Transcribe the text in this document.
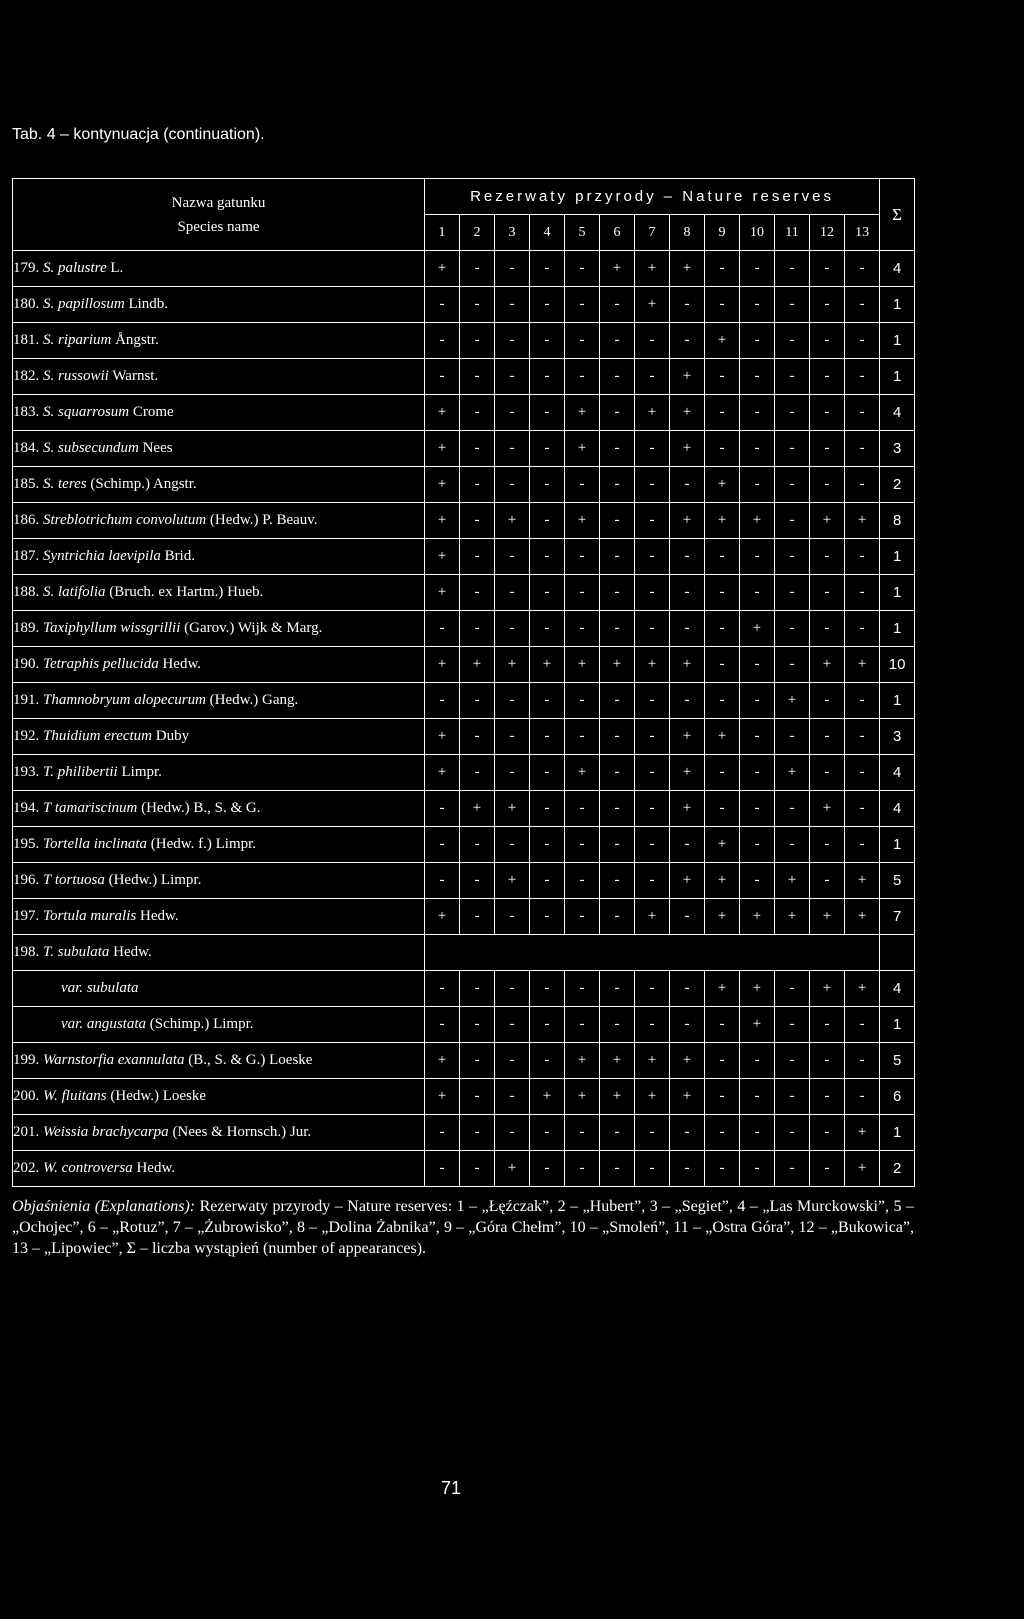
Tab. 4 – kontynuacja (continuation).
Nazwa gatunku
Species name	Rezerwaty przyrody – Nature reserves													Σ
	1	2	3	4	5	6	7	8	9	10	11	12	13	
179. S. palustre L.	+	-	-	-	-	+	+	+	-	-	-	-	-	4
180. S. papillosum Lindb.	-	-	-	-	-	-	+	-	-	-	-	-	-	1
181. S. riparium Ångstr.	-	-	-	-	-	-	-	-	+	-	-	-	-	1
182. S. russowii Warnst.	-	-	-	-	-	-	-	+	-	-	-	-	-	1
183. S. squarrosum Crome	+	-	-	-	+	-	+	+	-	-	-	-	-	4
184. S. subsecundum Nees	+	-	-	-	+	-	-	+	-	-	-	-	-	3
185. S. teres (Schimp.) Angstr.	+	-	-	-	-	-	-	-	+	-	-	-	-	2
186. Streblotrichum convolutum (Hedw.) P. Beauv.	+	-	+	-	+	-	-	+	+	+	-	+	+	8
187. Syntrichia laevipila Brid.	+	-	-	-	-	-	-	-	-	-	-	-	-	1
188. S. latifolia (Bruch. ex Hartm.) Hueb.	+	-	-	-	-	-	-	-	-	-	-	-	-	1
189. Taxiphyllum wissgrillii (Garov.) Wijk & Marg.	-	-	-	-	-	-	-	-	-	+	-	-	-	1
190. Tetraphis pellucida Hedw.	+	+	+	+	+	+	+	+	-	-	-	+	+	10
191. Thamnobryum alopecurum (Hedw.) Gang.	-	-	-	-	-	-	-	-	-	-	+	-	-	1
192. Thuidium erectum Duby	+	-	-	-	-	-	-	+	+	-	-	-	-	3
193. T. philibertii Limpr.	+	-	-	-	+	-	-	+	-	-	+	-	-	4
194. T tamariscinum (Hedw.) B., S. & G.	-	+	+	-	-	-	-	+	-	-	-	+	-	4
195. Tortella inclinata (Hedw. f.) Limpr.	-	-	-	-	-	-	-	-	+	-	-	-	-	1
196. T tortuosa (Hedw.) Limpr.	-	-	+	-	-	-	-	+	+	-	+	-	+	5
197. Tortula muralis Hedw.	+	-	-	-	-	-	+	-	+	+	+	+	+	7
198. T. subulata Hedw.														
var. subulata	-	-	-	-	-	-	-	-	+	+	-	+	+	4
var. angustata (Schimp.) Limpr.	-	-	-	-	-	-	-	-	-	+	-	-	-	1
199. Warnstorfia exannulata (B., S. & G.) Loeske	+	-	-	-	+	+	+	+	-	-	-	-	-	5
200. W. fluitans (Hedw.) Loeske	+	-	-	+	+	+	+	+	-	-	-	-	-	6
201. Weissia brachycarpa (Nees & Hornsch.) Jur.	-	-	-	-	-	-	-	-	-	-	-	-	+	1
202. W. controversa Hedw.	-	-	+	-	-	-	-	-	-	-	-	-	+	2
Objaśnienia (Explanations): Rezerwaty przyrody – Nature reserves: 1 – „Łęźczak”, 2 – „Hubert”, 3 – „Segiet”, 4 – „Las Murckowski”, 5 – „Ochojec”, 6 – „Rotuz”, 7 – „Żubrowisko”, 8 – „Dolina Żabnika”, 9 – „Góra Chełm”, 10 – „Smoleń”, 11 – „Ostra Góra”, 12 – „Bukowica”, 13 – „Lipowiec”, Σ – liczba wystąpień (number of appearances).
71
